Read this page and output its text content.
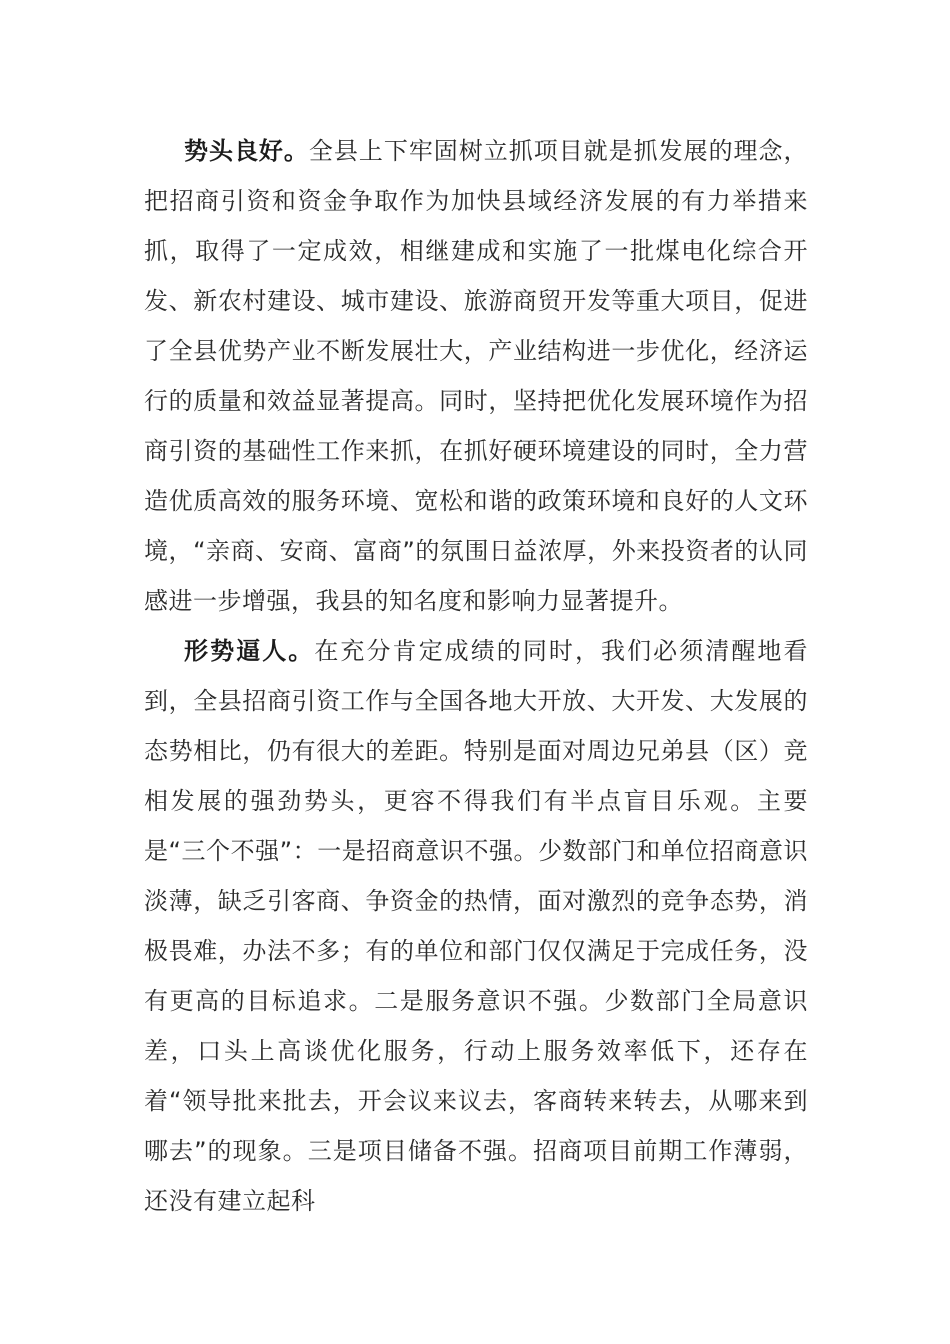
势头良好。全县上下牢固树立抓项目就是抓发展的理念，把招商引资和资金争取作为加快县域经济发展的有力举措来抓，取得了一定成效，相继建成和实施了一批煤电化综合开发、新农村建设、城市建设、旅游商贸开发等重大项目，促进了全县优势产业不断发展壮大，产业结构进一步优化，经济运行的质量和效益显著提高。同时，坚持把优化发展环境作为招商引资的基础性工作来抓，在抓好硬环境建设的同时，全力营造优质高效的服务环境、宽松和谐的政策环境和良好的人文环境，“亲商、安商、富商”的氛围日益浓厚，外来投资者的认同感进一步增强，我县的知名度和影响力显著提升。

形势逼人。在充分肯定成绩的同时，我们必须清醒地看到，全县招商引资工作与全国各地大开放、大开发、大发展的态势相比，仍有很大的差距。特别是面对周边兄弟县（区）竞相发展的强劲势头，更容不得我们有半点盲目乐观。主要是“三个不强”：一是招商意识不强。少数部门和单位招商意识淡薄，缺乏引客商、争资金的热情，面对激烈的竞争态势，消极畏难，办法不多；有的单位和部门仅仅满足于完成任务，没有更高的目标追求。二是服务意识不强。少数部门全局意识差，口头上高谈优化服务，行动上服务效率低下，还存在着“领导批来批去，开会议来议去，客商转来转去，从哪来到哪去”的现象。三是项目储备不强。招商项目前期工作薄弱，还没有建立起科
